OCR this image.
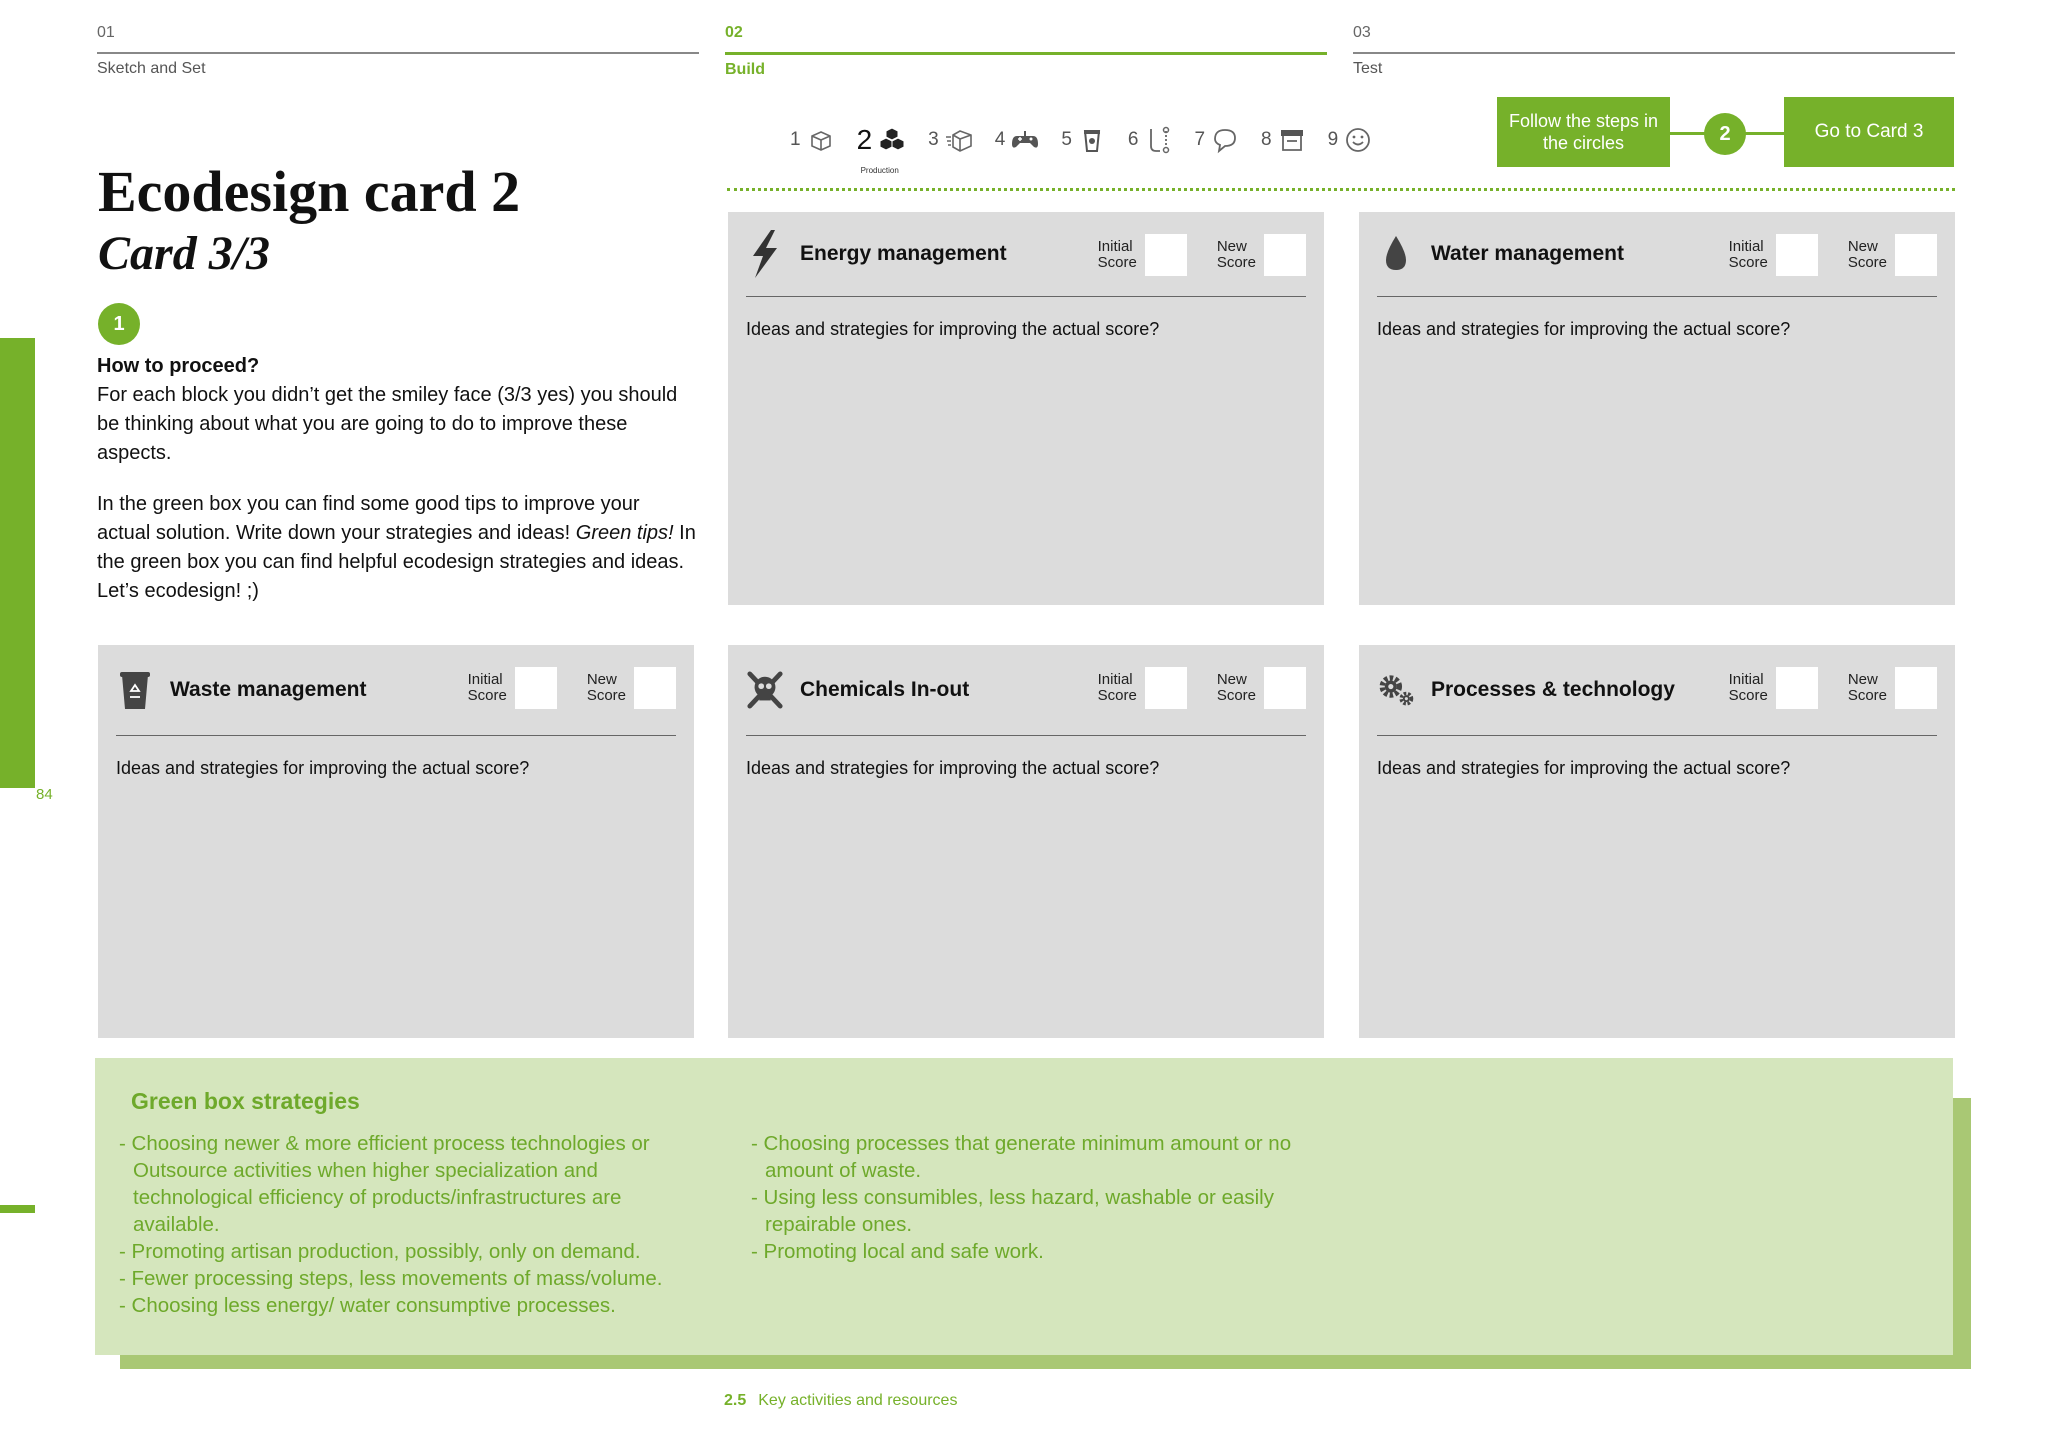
84
01
Sketch and Set
02
Build
03
Test
1 2
Production
3	4	5	6	7	8	9
Follow the steps in the circles	2	Go to Card 3
Ecodesign card 2
Card 3/3
1
How to proceed?

For each block you didn’t get the smiley face (3/3 yes) you should be thinking about what you are going to do to improve these aspects.

In the green box you can find some good tips to improve your actual solution. Write down your strategies and ideas! Green tips! In the green box you can find helpful ecodesign strategies and ideas. Let’s ecodesign! ;)

Energy management	Initial
Score
New
Score
Ideas and strategies for improving the actual score?
Water management	Initial
Score
New
Score
Ideas and strategies for improving the actual score?
Waste management	Initial
Score
New
Score
Ideas and strategies for improving the actual score?
Chemicals In-out	Initial
Score
New
Score
Ideas and strategies for improving the actual score?
Processes & technology	Initial
Score
New
Score
Ideas and strategies for improving the actual score?
Green box strategies
- Choosing newer & more efficient process technologies or Outsource activities when higher specialization and technological efficiency of products/infrastructures are available.
- Promoting artisan production, possibly, only on demand.
- Fewer processing steps, less movements of mass/volume.
- Choosing less energy/ water consumptive processes.
- Choosing processes that generate minimum amount or no amount of waste.
- Using less consumibles, less hazard, washable or easily repairable ones.
- Promoting local and safe work.
2.5 Key activities and resources
